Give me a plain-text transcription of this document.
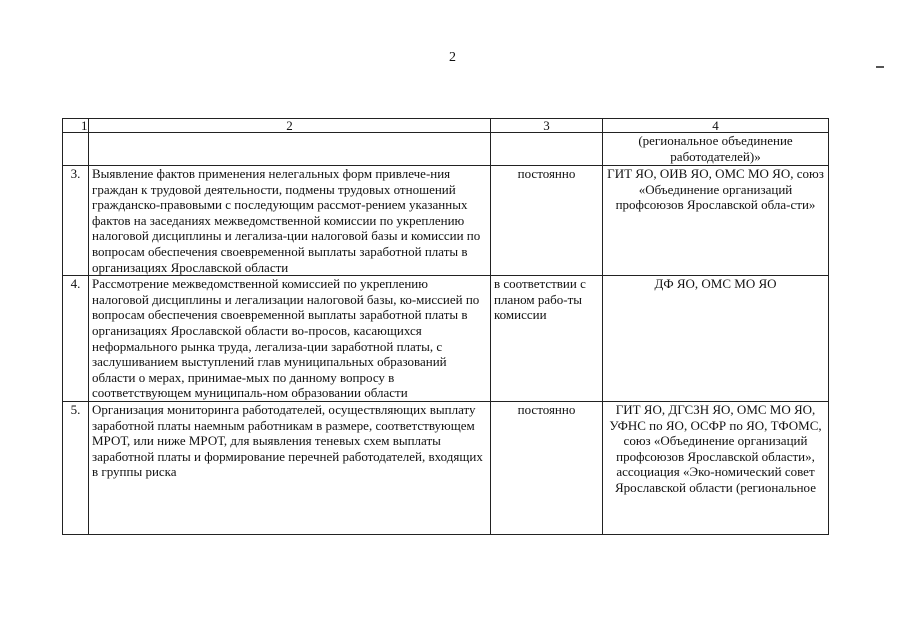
2
1	2	3	4
			(региональное объединение работодателей)»
3.	Выявление фактов применения нелегальных форм привлече-ния граждан к трудовой деятельности, подмены трудовых отношений гражданско-правовыми с последующим рассмот-рением указанных фактов на заседаниях межведомственной комиссии по укреплению налоговой дисциплины и легализа-ции налоговой базы и комиссии по вопросам обеспечения своевременной выплаты заработной платы в организациях Ярославской области	постоянно	ГИТ ЯО, ОИВ ЯО, ОМС МО ЯО, союз «Объединение организаций профсоюзов Ярославской обла-сти»
4.	Рассмотрение межведомственной комиссией по укреплению налоговой дисциплины и легализации налоговой базы, ко-миссией по вопросам обеспечения своевременной выплаты заработной платы в организациях Ярославской области во-просов, касающихся неформального рынка труда, легализа-ции заработной платы, с заслушиванием выступлений глав муниципальных образований области о мерах, принимае-мых по данному вопросу в соответствующем муниципаль-ном образовании области	в соответствии с планом рабо-ты комиссии	ДФ ЯО, ОМС МО ЯО
5.	Организация мониторинга работодателей, осуществляющих выплату заработной платы наемным работникам в размере, соответствующем МРОТ, или ниже МРОТ, для выявления теневых схем выплаты заработной платы и формирование перечней работодателей, входящих в группы риска	постоянно	ГИТ ЯО, ДГСЗН ЯО, ОМС МО ЯО, УФНС по ЯО, ОСФР по ЯО, ТФОМС, союз «Объединение организаций профсоюзов Ярославской области», ассоциация «Эко-номический совет Ярославской области (региональное
